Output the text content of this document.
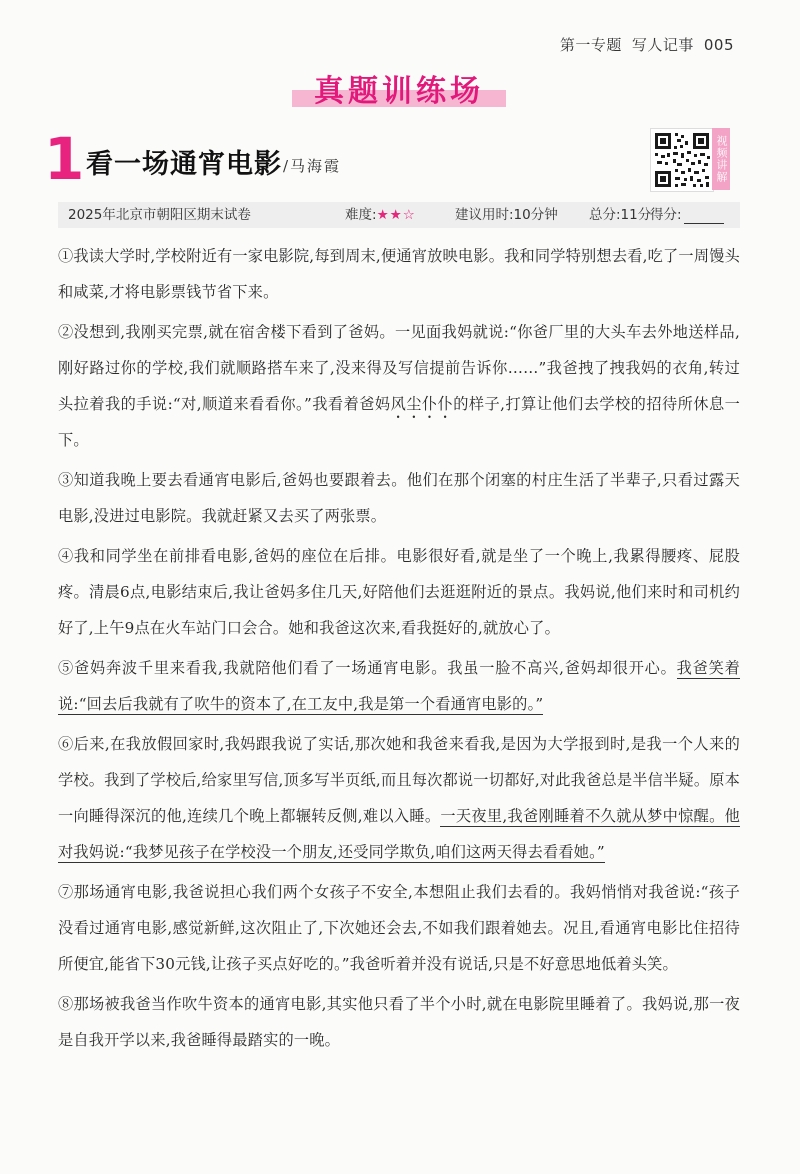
第一专题 写人记事 005
真题训练场
1 看一场通宵电影 /马海霞	视频讲解
2025年北京市朝阳区期末试卷	难度:★★☆	建议用时:10分钟 总分:11分
得分:

①我读大学时,学校附近有一家电影院,每到周末,便通宵放映电影。我和同学特别想去看,吃了一周馒头和咸菜,才将电影票钱节省下来。

②没想到,我刚买完票,就在宿舍楼下看到了爸妈。一见面我妈就说:“你爸厂里的大头车去外地送样品,刚好路过你的学校,我们就顺路搭车来了,没来得及写信提前告诉你……”我爸拽了拽我妈的衣角,转过头拉着我的手说:“对,顺道来看看你。”我看着爸妈风尘仆仆的样子,打算让他们去学校的招待所休息一下。

③知道我晚上要去看通宵电影后,爸妈也要跟着去。他们在那个闭塞的村庄生活了半辈子,只看过露天电影,没进过电影院。我就赶紧又去买了两张票。

④我和同学坐在前排看电影,爸妈的座位在后排。电影很好看,就是坐了一个晚上,我累得腰疼、屁股疼。清晨6点,电影结束后,我让爸妈多住几天,好陪他们去逛逛附近的景点。我妈说,他们来时和司机约好了,上午9点在火车站门口会合。她和我爸这次来,看我挺好的,就放心了。

⑤爸妈奔波千里来看我,我就陪他们看了一场通宵电影。我虽一脸不高兴,爸妈却很开心。我爸笑着说:“回去后我就有了吹牛的资本了,在工友中,我是第一个看通宵电影的。”

⑥后来,在我放假回家时,我妈跟我说了实话,那次她和我爸来看我,是因为大学报到时,是我一个人来的学校。我到了学校后,给家里写信,顶多写半页纸,而且每次都说一切都好,对此我爸总是半信半疑。原本一向睡得深沉的他,连续几个晚上都辗转反侧,难以入睡。一天夜里,我爸刚睡着不久就从梦中惊醒。他对我妈说:“我梦见孩子在学校没一个朋友,还受同学欺负,咱们这两天得去看看她。”

⑦那场通宵电影,我爸说担心我们两个女孩子不安全,本想阻止我们去看的。我妈悄悄对我爸说:“孩子没看过通宵电影,感觉新鲜,这次阻止了,下次她还会去,不如我们跟着她去。况且,看通宵电影比住招待所便宜,能省下30元钱,让孩子买点好吃的。”我爸听着并没有说话,只是不好意思地低着头笑。

⑧那场被我爸当作吹牛资本的通宵电影,其实他只看了半个小时,就在电影院里睡着了。我妈说,那一夜是自我开学以来,我爸睡得最踏实的一晚。
